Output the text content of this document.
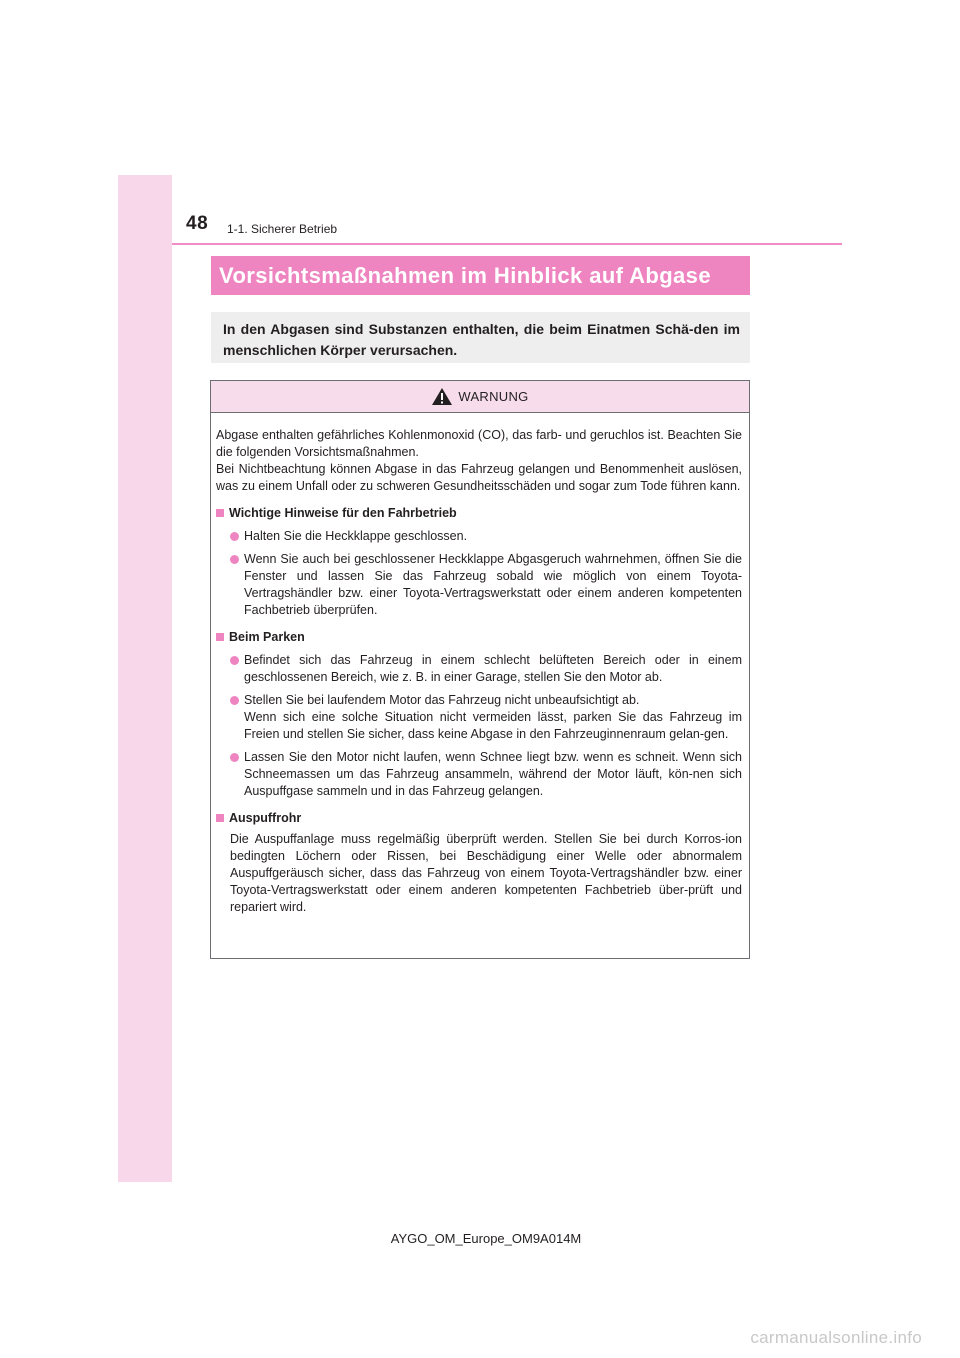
48 1-1. Sicherer Betrieb
Vorsichtsmaßnahmen im Hinblick auf Abgase

In den Abgasen sind Substanzen enthalten, die beim Einatmen Schä-den im menschlichen Körper verursachen.

WARNUNG

Abgase enthalten gefährliches Kohlenmonoxid (CO), das farb- und geruchlos ist. Beachten Sie die folgenden Vorsichtsmaßnahmen.

Bei Nichtbeachtung können Abgase in das Fahrzeug gelangen und Benommenheit auslösen, was zu einem Unfall oder zu schweren Gesundheitsschäden und sogar zum Tode führen kann.

Wichtige Hinweise für den Fahrbetrieb
Halten Sie die Heckklappe geschlossen.
Wenn Sie auch bei geschlossener Heckklappe Abgasgeruch wahrnehmen, öffnen Sie die Fenster und lassen Sie das Fahrzeug sobald wie möglich von einem Toyota-Vertragshändler bzw. einer Toyota-Vertragswerkstatt oder einem anderen kompetenten Fachbetrieb überprüfen.
Beim Parken
Befindet sich das Fahrzeug in einem schlecht belüfteten Bereich oder in einem geschlossenen Bereich, wie z. B. in einer Garage, stellen Sie den Motor ab.
Stellen Sie bei laufendem Motor das Fahrzeug nicht unbeaufsichtigt ab.
Wenn sich eine solche Situation nicht vermeiden lässt, parken Sie das Fahrzeug im Freien und stellen Sie sicher, dass keine Abgase in den Fahrzeuginnenraum gelan-gen.
Lassen Sie den Motor nicht laufen, wenn Schnee liegt bzw. wenn es schneit. Wenn sich Schneemassen um das Fahrzeug ansammeln, während der Motor läuft, kön-nen sich Auspuffgase sammeln und in das Fahrzeug gelangen.
Auspuffrohr
Die Auspuffanlage muss regelmäßig überprüft werden. Stellen Sie bei durch Korros-ion bedingten Löchern oder Rissen, bei Beschädigung einer Welle oder abnormalem Auspuffgeräusch sicher, dass das Fahrzeug von einem Toyota-Vertragshändler bzw. einer Toyota-Vertragswerkstatt oder einem anderen kompetenten Fachbetrieb über-prüft und repariert wird.
AYGO_OM_Europe_OM9A014M
carmanualsonline.info
